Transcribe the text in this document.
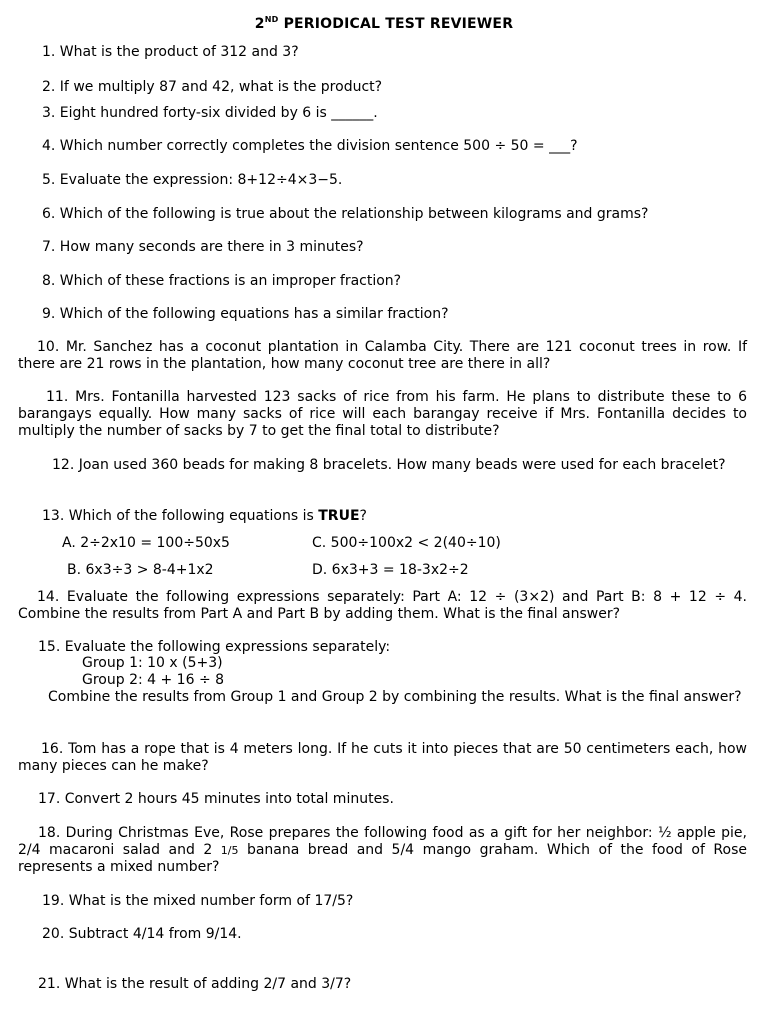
2ND PERIODICAL TEST REVIEWER
1. What is the product of 312 and 3?
2. If we multiply 87 and 42, what is the product?
3. Eight hundred forty-six divided by 6 is ______.
4. Which number correctly completes the division sentence 500 ÷ 50 = ___?
5. Evaluate the expression: 8+12÷4×3−5.
6. Which of the following is true about the relationship between kilograms and grams?
7. How many seconds are there in 3 minutes?
8. Which of these fractions is an improper fraction?
9. Which of the following equations has a similar fraction?
10. Mr. Sanchez has a coconut plantation in Calamba City. There are 121 coconut trees in row. If there are 21 rows in the plantation, how many coconut tree are there in all?
11. Mrs. Fontanilla harvested 123 sacks of rice from his farm. He plans to distribute these to 6 barangays equally. How many sacks of rice will each barangay receive if Mrs. Fontanilla decides to multiply the number of sacks by 7 to get the final total to distribute?
12. Joan used 360 beads for making 8 bracelets. How many beads were used for each bracelet?
13. Which of the following equations is TRUE?
A. 2÷2x10 = 100÷50x5	C. 500÷100x2 < 2(40÷10)
B. 6x3÷3 > 8-4+1x2	D. 6x3+3 = 18-3x2÷2
14. Evaluate the following expressions separately: Part A: 12 ÷ (3×2) and Part B: 8 + 12 ÷ 4. Combine the results from Part A and Part B by adding them. What is the final answer?
15. Evaluate the following expressions separately:
Group 1: 10 x (5+3)
Group 2: 4 + 16 ÷ 8
Combine the results from Group 1 and Group 2 by combining the results. What is the final answer?
16. Tom has a rope that is 4 meters long. If he cuts it into pieces that are 50 centimeters each, how many pieces can he make?
17. Convert 2 hours 45 minutes into total minutes.
18. During Christmas Eve, Rose prepares the following food as a gift for her neighbor: ½ apple pie, 2/4 macaroni salad and 2 1/5 banana bread and 5/4 mango graham. Which of the food of Rose represents a mixed number?
19. What is the mixed number form of 17/5?
20. Subtract 4/14 from 9/14.
21. What is the result of adding 2/7 and 3/7?
